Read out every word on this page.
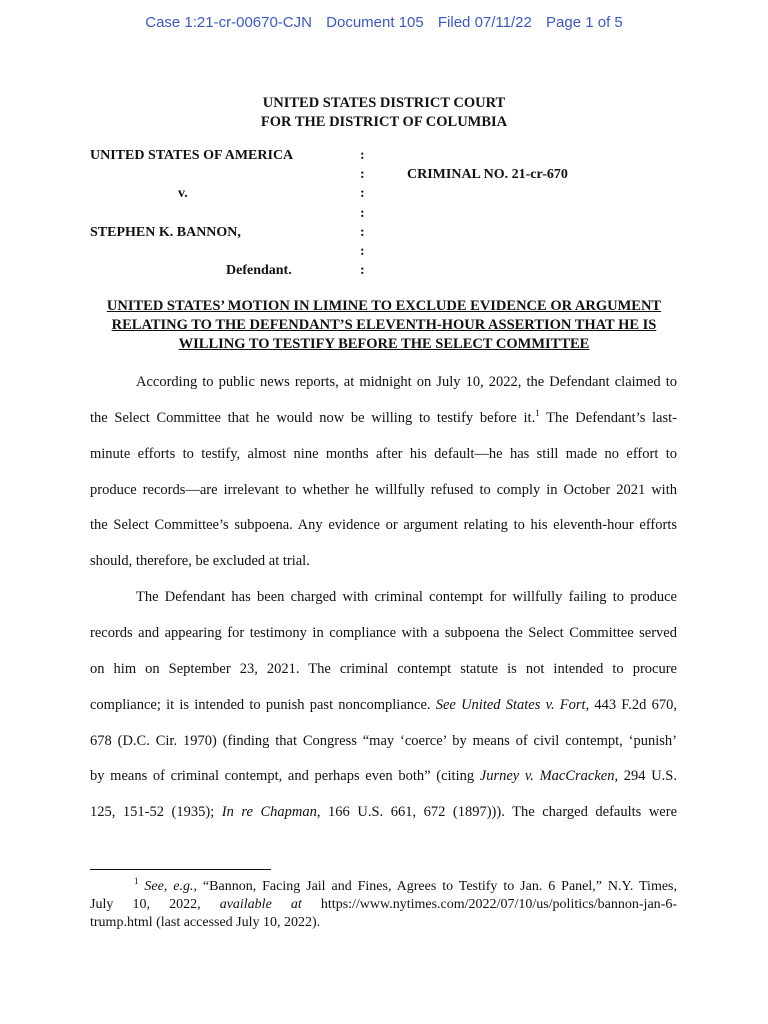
Case 1:21-cr-00670-CJN Document 105 Filed 07/11/22 Page 1 of 5
UNITED STATES DISTRICT COURT
FOR THE DISTRICT OF COLUMBIA
UNITED STATES OF AMERICA
v.
STEPHEN K. BANNON,
Defendant.
CRIMINAL NO. 21-cr-670
:
:
:
:
:
:
:
UNITED STATES’ MOTION IN LIMINE TO EXCLUDE EVIDENCE OR ARGUMENT
RELATING TO THE DEFENDANT’S ELEVENTH-HOUR ASSERTION THAT HE IS
WILLING TO TESTIFY BEFORE THE SELECT COMMITTEE
According to public news reports, at midnight on July 10, 2022, the Defendant claimed to
the Select Committee that he would now be willing to testify before it.$^1$ The Defendant’s last-
minute efforts to testify, almost nine months after his default—he has still made no effort to
produce records—are irrelevant to whether he willfully refused to comply in October 2021 with
the Select Committee’s subpoena. Any evidence or argument relating to his eleventh-hour efforts
should, therefore, be excluded at trial.
The Defendant has been charged with criminal contempt for willfully failing to produce
records and appearing for testimony in compliance with a subpoena the Select Committee served
on him on September 23, 2021. The criminal contempt statute is not intended to procure
compliance; it is intended to punish past noncompliance. See United States v. Fort, 443 F.2d 670,
678 (D.C. Cir. 1970) (finding that Congress “may ‘coerce’ by means of civil contempt, ‘punish’
by means of criminal contempt, and perhaps even both” (citing Jurney v. MacCracken, 294 U.S.
125, 151-52 (1935); In re Chapman, 166 U.S. 661, 672 (1897))). The charged defaults were
$^1$ See, e.g., “Bannon, Facing Jail and Fines, Agrees to Testify to Jan. 6 Panel,” N.Y. Times,
July 10, 2022, available at https://www.nytimes.com/2022/07/10/us/politics/bannon-jan-6-
trump.html (last accessed July 10, 2022).
